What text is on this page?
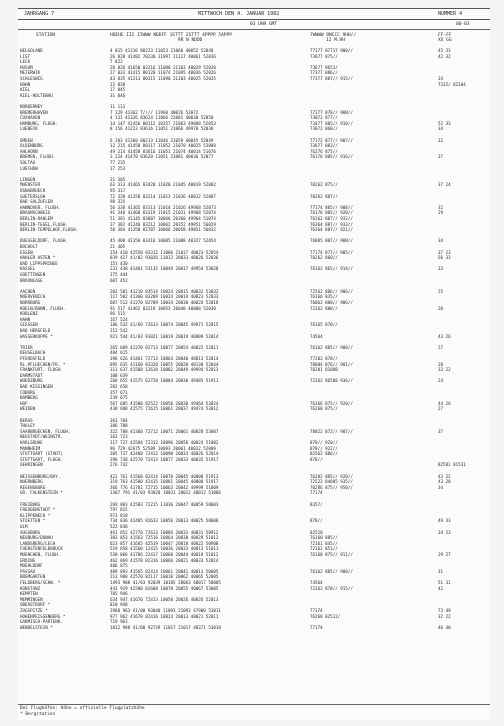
JAHRGANG 7	MITTWOCH DEN 4. JANUAR 1982	NUMMER 4
03 UHR GMT	00-03
STATION	HOEHE III IIWWW NDDFF 1STTT 2STTT 4PPPP 5APPP	7WWWW 8NCCC 9HH//	FF-FF
RR N NDDD	12 M.HH	XX GG
HELGOLAND	4 815 41316 80223 11053 21068 40052 52048	77177 87717 900//	45 31
LIST	26 820 41482 70230 11097 21117 40061 52036	73677 875//	42 32
LECK	7 822
HUSUM	28 826 41650 03216 11080 21103 40029 52020	73677 8653/
MEIERWIK	27 033 41415 80120 11074 21095 40036 52026	77377 886//
SCHLESWIG	43 835 41213 80315 11090 21103 40025 52035	77377 887// 915//	34
HOHN	12 838	T315/ 82104
KIEL	17 045
KIEL-HOLTENAU	31 046
NORDERNEY	11 113
BREMERHAVEN	7 129 41362 T//// 11960 40026 52072	77177 878// 908//
CUXHAVEN	4 131 41326 83624 11066 21081 40030 52050	73072 877//
HAMBURG, FLUGH.	14 147 41456 80112 10357 21063 49888 52053	73477 885// 910//	52 33
LUEBECK	8 156 41223 83616 11051 21066 49970 52036	73072 860//	34
EMDEN	6 203 41360 80213 11046 21059 40045 52049	77172 877// 907//	32
OLDENBURG	12 215 41458 80117 11052 21070 40025 53088	73677 883//
AHLHORN	49 214 41458 83616 11051 21074 40014 51076	76276 875//
BREMEN, FLUGH.	3 224 41470 83620 11051 21081 40036 52077	76176 885// 916//	37
SOLTAU	77 235
LUECHOW	17 253
LINGEN	21 305
MUENSTER	63 313 41465 83420 11020 21045 40019 52082	70262 875//	37 24
OSNABRUECK	95 317
GUETERSLOH	72 320 41358 83214 11013 21036 40012 52087	70262 887//
BAD SALZUFLEN	98 325
HANNOVER, FLUGH.	56 338 41365 83313 11014 21026 49968 52073	77174 885// 908//	32
BRAUNSCHWEIG	91 348 41460 83319 11015 21031 49968 52074	76176 885// 920//	29
BERLIN-DAHLEM	51 381 41145 83007 10066 20360 49964 51074	76162 887// 932//
BERLIN-TEGEL,FLUGH.	37 382 41248 83212 10062 20352 49851 56029	76364 887// 933//
BERLIN-TEMPELHOF,FLUGH.	50 384 41350 82707 10066 20058 49851 56032	76364 887// 921//
DUESSELDORF, FLUGH.	45 400 41350 83416 10005 21008 40327 52054	76885 887// 908//	34
BOCHOLT	21 405
ESSEN	154 410 42550 83312 11006 21017 40023 52054	77174 877// 905//	37 23
HAHLER ASTEN *	839 427 41/02 93026 11013 20033 40026 52036	70262 860//	56 33
BAD LIPPSPRINGE	151 430
KASSEL	231 438 41461 53135 10049 20017 49954 53028	76162 865// 914//	33
GOETTINGEN	175 444
BRAUNLAGE	607 452
AACHEN	202 501 41210 83514 10024 20015 40032 53032	72562 886// 906//	25
NOERVENICH	117 502 41360 83209 10024 20019 40023 52033	76166 835//
NORRBURG	607 512 41270 82709 10034 20030 40024 52018	76062 880// 906//
KOELN/BONN, FLUGH.	91 517 41462 83219 10053 20040 40008 52030	72162 888//	20
KOBLENZ	96 515
HAHN	167 524
GIESSEN	186 532 41/69 72613 10074 20045 49971 52015	76165 870//
BAD HERSFELD	212 542
WASSERKUPPE *	921 544 41/03 93021 10019 20019 40009 52014	74564	43 26
TRIER	265 609 41370 82713 10077 20054 40022 52011	76162 885// 908//	27
DEUSELBACH	484 615
PFERDSFELD	396 626 41461 72713 10064 20040 48013 52014	77202 878//
RL.PFLUECHEN/FR. *	895 635 41160 83320 10055 20020 48130 52044	78084 876// 901//	28
FRANKFURT, FLUGH.	111 637 41580 12618 10082 20049 49994 52013	70281 81008	33 22
DARMSTADT	108 639
WUERZBURG	268 655 41575 62720 10084 20030 49485 51911	72162 86508 936//	24
BAD KISSINGEN	282 658
COBURG	357 671
BAMBERG	239 675
HOF	567 685 41500 82522 10050 20030 49464 53024	76166 875// 920//	44 26
WEIDEN	438 688 42575 72615 10061 20037 49474 53012	76260 875//	27
BERUS	363 704
THOLEY	386 708
SAARBRUECKEN, FLUGH.	322 708 41360 72712 10071 20061 40028 53007	78822 872// 907//	37
NEUSTADT/WEINSTR.	163 723
KARLSRUHE	117 727 42584 72312 10096 20056 40024 51002	878// 920//
MANNHEIM	96 729 42675 52509 10093 20061 40032 52009	878// 922//
STUTTGART (STADT)	305 737 42480 72412 10090 20033 40026 52014	82562 886//
STUTTGART, FLUGH.	396 738 42570 72413 10077 20033 40035 51917	878//
OEHRINGEN	276 742	82581 81531
WEISSENBURG/BAY.	422 761 41560 82414 10070 20045 40008 51913	76282 885// 920//	43 22
NUERNBERG	319 763 41580 42415 10081 20045 40008 51917	72522 84805 935//	43 20
REGENSBURG	366 776 41782 72715 10063 20042 49999 51009	70286 875// 950//	34
GR. FALKENSTEIN *	1307 791 41/03 93020 10031 20012 40012 51006	77174
FREIBURG	269 803 42583 72215 11036 20047 40059 50003	8357/
FREUDENSTADT *	797 815
KLIPPENECK *	973 818
STOETTEN *	734 836 42485 82633 10056 20013 40025 50008	878//	49 33
ULM	522 838
AUGSBURG	461 852 42770 72613 10086 20033 40031 50912	82520	34 23
NEUBURG/DONAU	383 853 41563 72516 10064 20038 40029 51012	76160 885//
LANDSBERG/LECH	623 857 41665 42519 10047 20018 40022 50908	72161 845//
FUERSTENFELDBRUCK	519 858 41560 12415 10036 20033 40013 51011	72162 851//
MUENCHEN, FLUGH.	530 866 41786 22417 10060 20044 40019 51012	76160 875// 911//	29 27
ERDING	462 869 41570 82316 10066 20021 40033 52014
MUEHLDORF	406 875
PASSAU	409 893 41565 82414 10061 20041 40013 50005	76162 885// 908//	31
BREMGARTEN	213 908 42570 82117 10010 20062 40065 52085
FELDBERG/SCHW. *	1493 908 41/03 92039 10105 20063 40017 50005	74564	51 31
KONSTANZ	443 929 42580 82608 10070 20055 40067 53005	72162 878// 915//	42
KEMPTEN	705 946
MEMMINGEN	634 947 41670 72413 10050 20026 40026 52013
OBERSTDORF *	810 948
ZUGSPITZE *	2960 963 41/00 93040 11093 21093 47900 53011	77174	73 49
HOHENPEISSENBERG *	977 962 41670 82416 10024 20013 40021 52011	76268 82512/	32 22
GARMISCH-PARTENK.	719 963
WENDELSTEIN *	1832 988 41/00 92729 11017 21017 48371 53010	77174	46 40
Bei Flughäfen: Höhe = offizielle Flugplatzhöhe
* Bergstation
